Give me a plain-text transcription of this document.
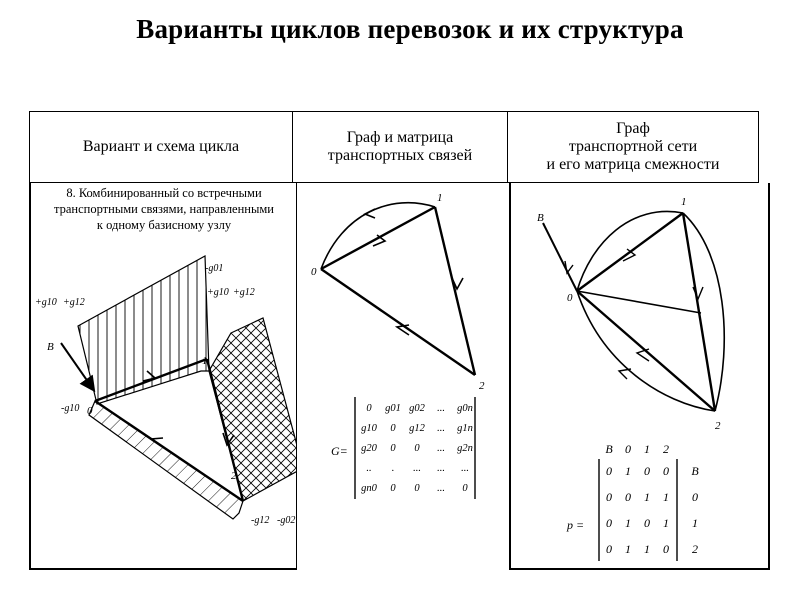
Варианты циклов перевозок и их структура
Вариант и схема цикла	
Граф и матрица
транспортных связей

Граф
транспортной сети
и его матрица смежности
8. Комбинированный со встречными
транспортными связями, направленными
к одному базисному узлу
B
0
1
2
-g01
+g10 +g12
+g10 +g12
-g10
-g12 -g02
0
1
2
G=
0 g01 g02 ... g0n
g10 0 g12 ... g1n
g20 0 0 ... g2n
.. . ... ... ...
gn0 0 0 ... 0
B
0
1
2
p =
B 0 1 2
0 1 0 0 B
0 0 1 1 0
0 1 0 1 1
0 1 1 0 2
